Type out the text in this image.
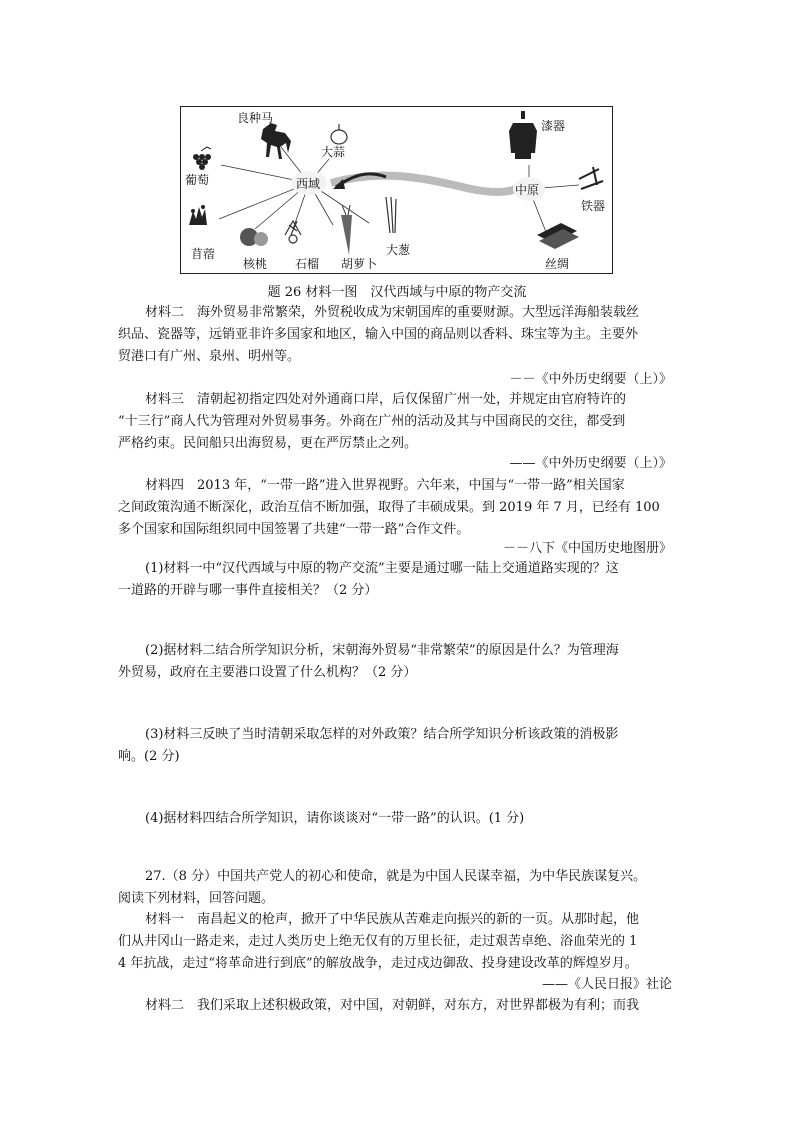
良种马
大蒜
葡萄	西域
苜蓿
核桃 石榴 胡萝卜
大葱
漆器
中原
铁器
丝绸
题 26 材料一图　汉代西域与中原的物产交流
材料二　海外贸易非常繁荣，外贸税收成为宋朝国库的重要财源。大型远洋海船装载丝
织品、瓷器等，远销亚非许多国家和地区，输入中国的商品则以香料、珠宝等为主。主要外
贸港口有广州、泉州、明州等。
－－《中外历史纲要（上）》
材料三　清朝起初指定四处对外通商口岸，后仅保留广州一处，并规定由官府特许的
“十三行”商人代为管理对外贸易事务。外商在广州的活动及其与中国商民的交往，都受到
严格约束。民间船只出海贸易，更在严厉禁止之列。
——《中外历史纲要（上）》
材料四　2013 年，“一带一路”进入世界视野。六年来，中国与“一带一路”相关国家
之间政策沟通不断深化，政治互信不断加强，取得了丰硕成果。到 2019 年 7 月，已经有 100
多个国家和国际组织同中国签署了共建“一带一路”合作文件。
－－八下《中国历史地图册》
(1)材料一中“汉代西域与中原的物产交流”主要是通过哪一陆上交通道路实现的？这
一道路的开辟与哪一事件直接相关？（2 分）
(2)据材料二结合所学知识分析，宋朝海外贸易“非常繁荣”的原因是什么？为管理海
外贸易，政府在主要港口设置了什么机构？（2 分）
(3)材料三反映了当时清朝采取怎样的对外政策？结合所学知识分析该政策的消极影
响。(2 分)
(4)据材料四结合所学知识，请你谈谈对“一带一路”的认识。(1 分)
27.（8 分）中国共产党人的初心和使命，就是为中国人民谋幸福，为中华民族谋复兴。
阅读下列材料，回答问题。
材料一　南昌起义的枪声，掀开了中华民族从苦难走向振兴的新的一页。从那时起，他
们从井冈山一路走来，走过人类历史上绝无仅有的万里长征，走过艰苦卓绝、浴血荣光的 1
4 年抗战，走过“将革命进行到底”的解放战争，走过戍边御敌、投身建设改革的辉煌岁月。
——《人民日报》社论
材料二　我们采取上述积极政策，对中国，对朝鲜，对东方，对世界都极为有利；而我
